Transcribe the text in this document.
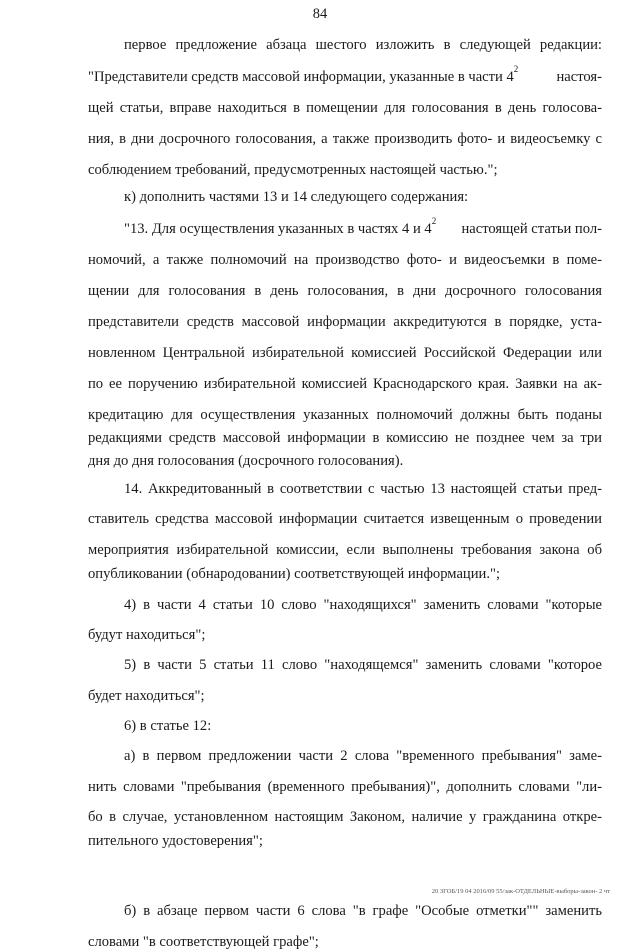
84
первое предложение абзаца шестого изложить в следующей редакции:
"Представители средств массовой информации, указанные в части 4 2	настоя-
щей статьи, вправе находиться в помещении для голосования в день голосова-
ния, в дни досрочного голосования, а также производить фото- и видеосъемку с
соблюдением требований, предусмотренных настоящей частью.";
к) дополнить частями 13 и 14 следующего содержания:
"13. Для осуществления указанных в частях 4 и 4 2 настоящей статьи пол-
номочий, а также полномочий на производство фото- и видеосъемки в поме-
щении для голосования в день голосования, в дни досрочного голосования
представители средств массовой информации аккредитуются в порядке, уста-
новленном Центральной избирательной комиссией Российской Федерации или
по ее поручению избирательной комиссией Краснодарского края. Заявки на ак-
кредитацию для осуществления указанных полномочий должны быть поданы
редакциями средств массовой информации в комиссию не позднее чем за три
дня до дня голосования (досрочного голосования).
14. Аккредитованный в соответствии с частью 13 настоящей статьи пред-
ставитель средства массовой информации считается извещенным о проведении
мероприятия избирательной комиссии, если выполнены требования закона об
опубликовании (обнародовании) соответствующей информации.";
4) в части 4 статьи 10 слово "находящихся" заменить словами "которые
будут находиться";
5) в части 5 статьи 11 слово "находящемся" заменить словами "которое
будет находиться";
6) в статье 12:
а) в первом предложении части 2 слова "временного пребывания" заме-
нить словами "пребывания (временного пребывания)", дополнить словами "ли-
бо в случае, установленном настоящим Законом, наличие у гражданина откре-
пительного удостоверения";
б) в абзаце первом части 6 слова "в графе "Особые отметки"" заменить
словами "в соответствующей графе";
20 ЗГОБ/19 04 2016/09 55/зак-ОТДЕЛЬНЫЕ-выборы-закон- 2 чт
